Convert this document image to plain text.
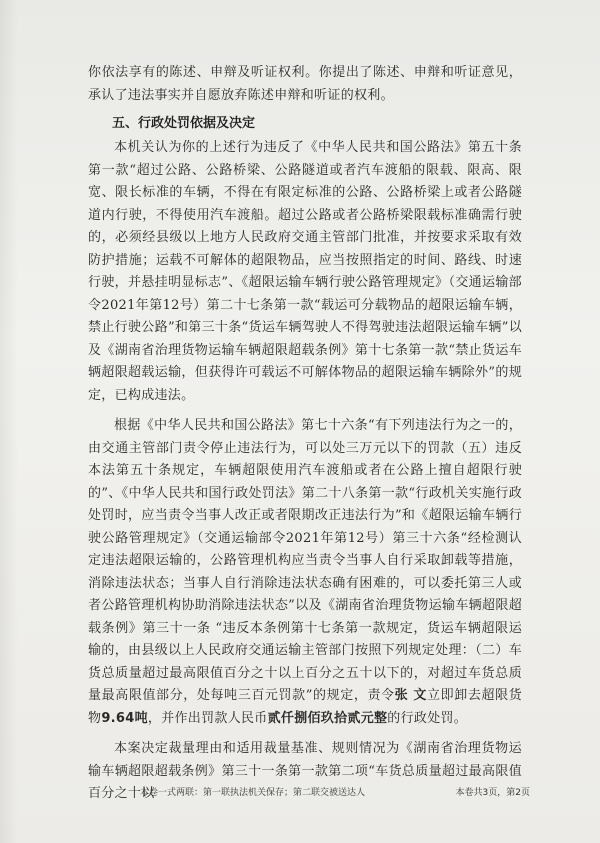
你依法享有的陈述、申辩及听证权利。你提出了陈述、申辩和听证意见，承认了违法事实并自愿放弃陈述申辩和听证的权利。

五、行政处罚依据及决定

本机关认为你的上述行为违反了《中华人民共和国公路法》第五十条第一款“超过公路、公路桥梁、公路隧道或者汽车渡船的限载、限高、限宽、限长标准的车辆，不得在有限定标准的公路、公路桥梁上或者公路隧道内行驶，不得使用汽车渡船。超过公路或者公路桥梁限载标准确需行驶的，必须经县级以上地方人民政府交通主管部门批准，并按要求采取有效防护措施；运载不可解体的超限物品，应当按照指定的时间、路线、时速行驶，并悬挂明显标志”、《超限运输车辆行驶公路管理规定》（交通运输部令2021年第12号）第二十七条第一款“载运可分载物品的超限运输车辆，禁止行驶公路”和第三十条“货运车辆驾驶人不得驾驶违法超限运输车辆”以及《湖南省治理货物运输车辆超限超载条例》第十七条第一款“禁止货运车辆超限超载运输，但获得许可载运不可解体物品的超限运输车辆除外”的规定，已构成违法。

根据《中华人民共和国公路法》第七十六条“有下列违法行为之一的，由交通主管部门责令停止违法行为，可以处三万元以下的罚款（五）违反本法第五十条规定，车辆超限使用汽车渡船或者在公路上擅自超限行驶的”、《中华人民共和国行政处罚法》第二十八条第一款“行政机关实施行政处罚时，应当责令当事人改正或者限期改正违法行为”和《超限运输车辆行驶公路管理规定》（交通运输部令2021年第12号）第三十六条“经检测认定违法超限运输的，公路管理机构应当责令当事人自行采取卸载等措施，消除违法状态；当事人自行消除违法状态确有困难的，可以委托第三人或者公路管理机构协助消除违法状态”以及《湖南省治理货物运输车辆超限超载条例》第三十一条 “违反本条例第十七条第一款规定，货运车辆超限运输的，由县级以上人民政府交通运输主管部门按照下列规定处理：（二）车货总质量超过最高限值百分之十以上百分之五十以下的，对超过车货总质量最高限值部分，处每吨三百元罚款”的规定，责令张 文立即卸去超限货物9.64吨，并作出罚款人民币贰仟捌佰玖拾贰元整的行政处罚。

本案决定裁量理由和适用裁量基准、规则情况为《湖南省治理货物运输车辆超限超载条例》第三十一条第一款第二项“车货总质量超过最高限值百分之十以

本卷一式两联：第一联执法机关保存；第二联交被送达人	本卷共3页，第2页
